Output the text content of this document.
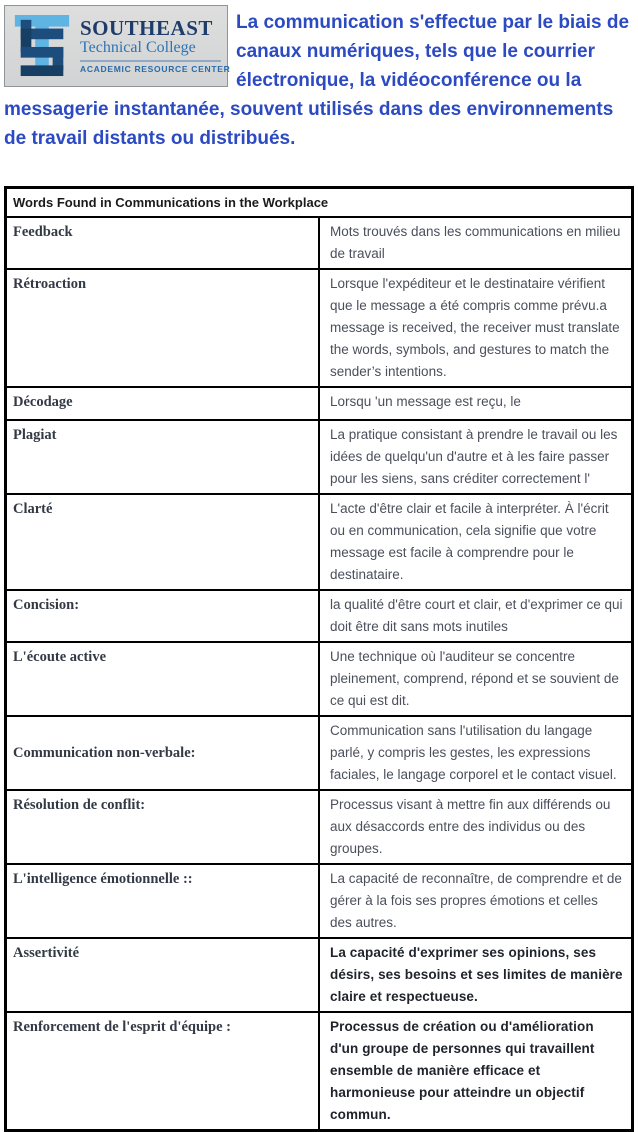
SOUTHEAST
Technical College
ACADEMIC RESOURCE CENTER

La communication s'effectue par le biais de canaux numériques, tels que le courrier électronique, la vidéoconférence ou la messagerie instantanée, souvent utilisés dans des environnements de travail distants ou distribués.

Words Found in Communications in the Workplace	
Feedback	Mots trouvés dans les communications en milieu de travail
Rétroaction	Lorsque l'expéditeur et le destinataire vérifient que le message a été compris comme prévu.a message is received, the receiver must translate the words, symbols, and gestures to match the sender’s intentions.
Décodage	Lorsqu 'un message est reçu, le
Plagiat	La pratique consistant à prendre le travail ou les idées de quelqu'un d'autre et à les faire passer pour les siens, sans créditer correctement l'
Clarté	L'acte d'être clair et facile à interpréter. À l'écrit ou en communication, cela signifie que votre message est facile à comprendre pour le destinataire.
Concision:	la qualité d'être court et clair, et d'exprimer ce qui doit être dit sans mots inutiles
L'écoute active	Une technique où l'auditeur se concentre pleinement, comprend, répond et se souvient de ce qui est dit.
Communication non-verbale:	Communication sans l'utilisation du langage parlé, y compris les gestes, les expressions faciales, le langage corporel et le contact visuel.
Résolution de conflit:	Processus visant à mettre fin aux différends ou aux désaccords entre des individus ou des groupes.
L'intelligence émotionnelle ::	La capacité de reconnaître, de comprendre et de gérer à la fois ses propres émotions et celles des autres.
Assertivité	La capacité d'exprimer ses opinions, ses désirs, ses besoins et ses limites de manière claire et respectueuse.
Renforcement de l'esprit d'équipe :	Processus de création ou d'amélioration d'un groupe de personnes qui travaillent ensemble de manière efficace et harmonieuse pour atteindre un objectif commun.
